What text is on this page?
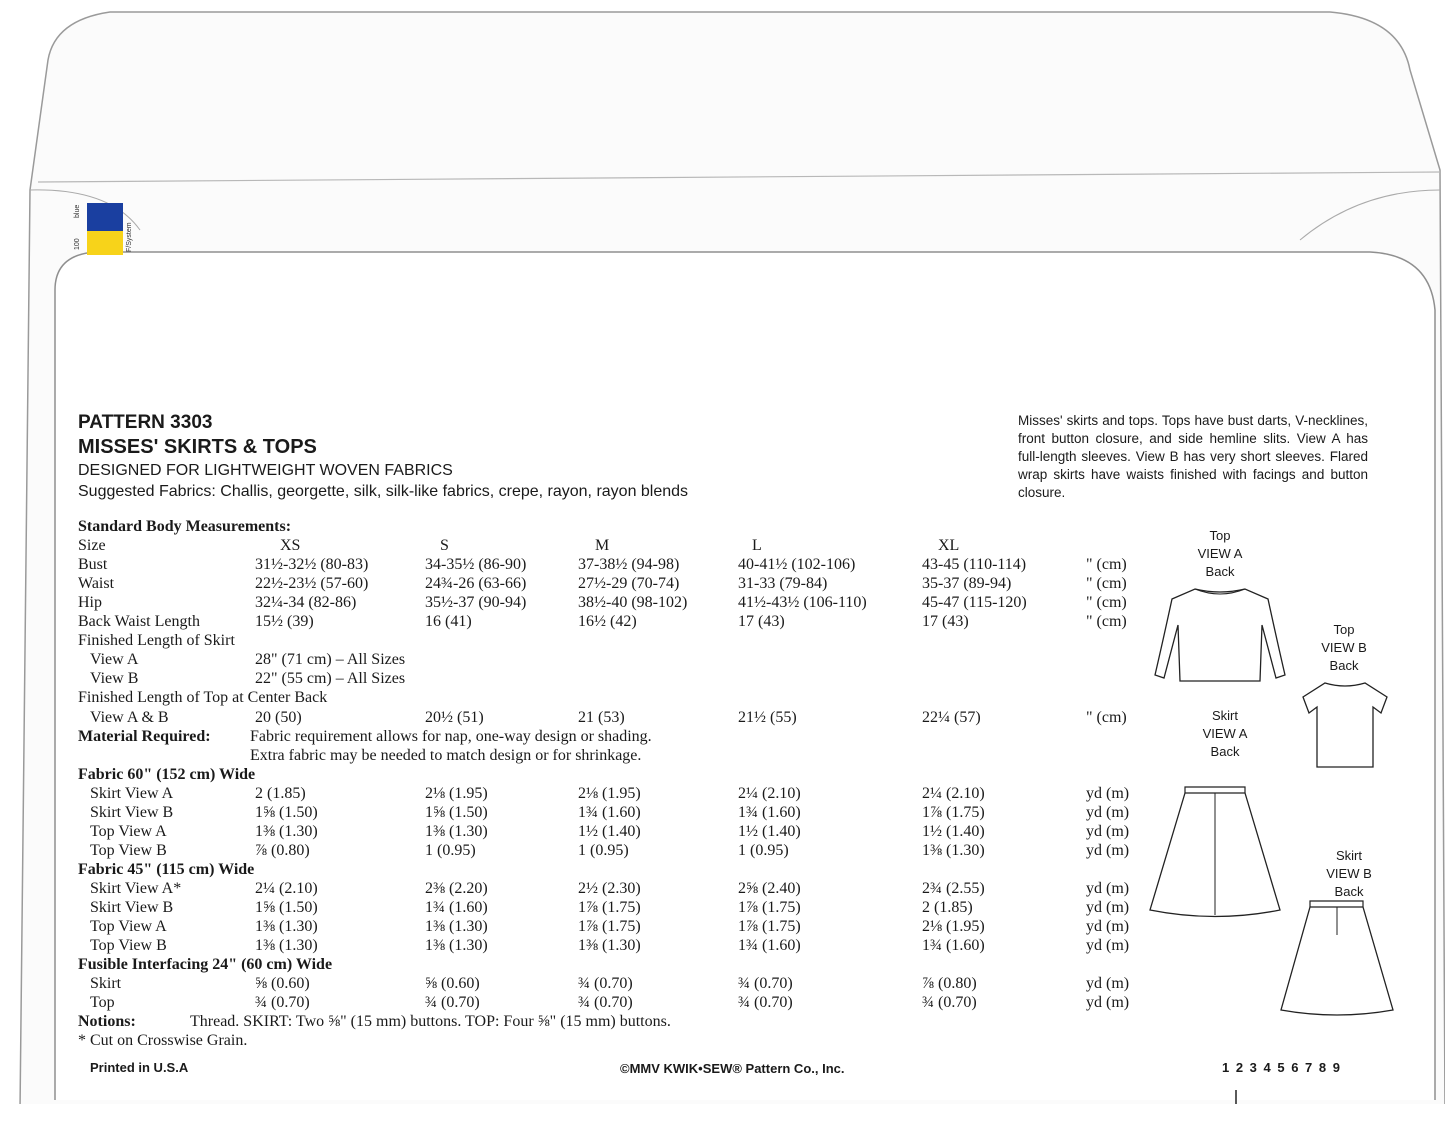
blue
100	F/System
PATTERN 3303
MISSES' SKIRTS & TOPS
DESIGNED FOR LIGHTWEIGHT WOVEN FABRICS
Suggested Fabrics: Challis, georgette, silk, silk-like fabrics, crepe, rayon, rayon blends
Misses' skirts and tops. Tops have bust darts, V-necklines, front button closure, and side hemline slits. View A has full-length sleeves. View B has very short sleeves. Flared wrap skirts have waists finished with facings and button closure.
Standard Body Measurements:
Size	XS	S	M	L	XL
Bust	31½-32½ (80-83)	34-35½ (86-90)	37-38½ (94-98)	40-41½ (102-106)	43-45 (110-114)	" (cm)
Waist	22½-23½ (57-60)	24¾-26 (63-66)	27½-29 (70-74)	31-33 (79-84)	35-37 (89-94)	" (cm)
Hip	32¼-34 (82-86)	35½-37 (90-94)	38½-40 (98-102)	41½-43½ (106-110)	45-47 (115-120)	" (cm)
Back Waist Length	15½ (39)	16 (41)	16½ (42)	17 (43)	17 (43)	" (cm)
Finished Length of Skirt
View A	28" (71 cm) – All Sizes
View B	22" (55 cm) – All Sizes
Finished Length of Top at Center Back
View A & B	20 (50)	20½ (51)	21 (53)	21½ (55)	22¼ (57)	" (cm)
Material Required: Fabric requirement allows for nap, one-way design or shading.
Extra fabric may be needed to match design or for shrinkage.
Fabric 60" (152 cm) Wide
Skirt View A	2 (1.85)	2⅛ (1.95)	2⅛ (1.95)	2¼ (2.10)	2¼ (2.10)	yd (m)
Skirt View B	1⅝ (1.50)	1⅝ (1.50)	1¾ (1.60)	1¾ (1.60)	1⅞ (1.75)	yd (m)
Top View A	1⅜ (1.30)	1⅜ (1.30)	1½ (1.40)	1½ (1.40)	1½ (1.40)	yd (m)
Top View B	⅞ (0.80)	1 (0.95)	1 (0.95)	1 (0.95)	1⅜ (1.30)	yd (m)
Fabric 45" (115 cm) Wide
Skirt View A*	2¼ (2.10)	2⅜ (2.20)	2½ (2.30)	2⅝ (2.40)	2¾ (2.55)	yd (m)
Skirt View B	1⅝ (1.50)	1¾ (1.60)	1⅞ (1.75)	1⅞ (1.75)	2 (1.85)	yd (m)
Top View A	1⅜ (1.30)	1⅜ (1.30)	1⅞ (1.75)	1⅞ (1.75)	2⅛ (1.95)	yd (m)
Top View B	1⅜ (1.30)	1⅜ (1.30)	1⅜ (1.30)	1¾ (1.60)	1¾ (1.60)	yd (m)
Fusible Interfacing 24" (60 cm) Wide
Skirt	⅝ (0.60)	⅝ (0.60)	¾ (0.70)	¾ (0.70)	⅞ (0.80)	yd (m)
Top	¾ (0.70)	¾ (0.70)	¾ (0.70)	¾ (0.70)	¾ (0.70)	yd (m)
Notions:	Thread. SKIRT: Two ⅝" (15 mm) buttons. TOP: Four ⅝" (15 mm) buttons.
* Cut on Crosswise Grain.
Top
VIEW A
Back
Top
VIEW B
Back
Skirt
VIEW A
Back
Skirt
VIEW B
Back
Printed in U.S.A	©MMV KWIK•SEW® Pattern Co., Inc.	1 2 3 4 5 6 7 8 9
